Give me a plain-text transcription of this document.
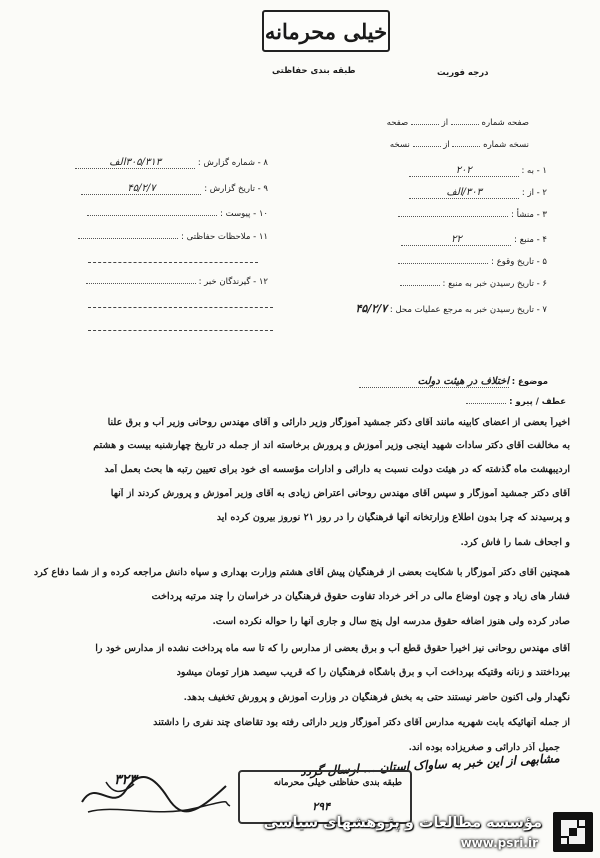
خیلی محرمانه
طبقه بندی حفاظتی	درجه فوریت
صفحه شماره  از  صفحه
نسخه شماره  از  نسخه
۱ - به : ۲۰۲
۲ - از : ۳۰۳/الف
۳ - منشأ :
۴ - منبع : ۲۲
۵ - تاریخ وقوع :
۶ - تاریخ رسیدن خبر به منبع :
۷ - تاریخ رسیدن خبر به مرجع عملیات محل : ۴۵/۲/۷
۸ - شماره گزارش : ۳۰۵/۳۱۳الف
۹ - تاریخ گزارش : ۴۵/۲/۷
۱۰ - پیوست :
۱۱ - ملاحظات حفاظتی :
۱۲ - گیرندگان خبر :
موضوع : اختلاف در هیئت دولت
عطف / پیرو :
اخیراً بعضی از اعضای کابینه مانند آقای دکتر جمشید آموزگار وزیر دارائی و آقای مهندس روحانی وزیر آب و برق علنا
به مخالفت آقای دکتر سادات شهید اینجی وزیر آموزش و پرورش برخاسته اند از جمله در تاریخ چهارشنبه بیست و هشتم
اردیبهشت ماه گذشته که در هیئت دولت نسبت به دارائی و ادارات مؤسسه ای خود برای تعیین رتبه ها بحث بعمل آمد
آقای دکتر جمشید آموزگار و سپس آقای مهندس روحانی اعتراض زیادی به آقای وزیر آموزش و پرورش کردند از آنها
و پرسیدند که چرا بدون اطلاع وزارتخانه آنها فرهنگیان را در روز ۲۱ نوروز بیرون کرده اید
و اجحاف شما را فاش کرد.
همچنین آقای دکتر آموزگار با شکایت بعضی از فرهنگیان پیش آقای هشتم وزارت بهداری و سپاه دانش مراجعه کرده و از شما دفاع کرد
فشار های زیاد و چون اوضاع مالی در آخر خرداد تفاوت حقوق فرهنگیان در خراسان را چند مرتبه پرداخت
صادر کرده ولی هنوز اضافه حقوق مدرسه اول پنج سال و جاری آنها را حواله نکرده است.
آقای مهندس روحانی نیز اخیراً حقوق قطع آب و برق بعضی از مدارس را که تا سه ماه پرداخت نشده از مدارس خود را
بپرداختند و زنانه وقتیکه بپرداخت آب و برق باشگاه فرهنگیان را که قریب سیصد هزار تومان میشود
نگهدار ولی اکنون حاضر نیستند حتی به بخش فرهنگیان در وزارت آموزش و پرورش تخفیف بدهد.
از جمله آنهائیکه بابت شهریه مدارس آقای دکتر آموزگار وزیر دارائی رفته بود تقاضای چند نفری را داشتند
جمیل آذر دارائی و صغریزاده بوده اند.
مشابهی از این خبر به ساواک استان ... ارسال گردد
طبقه بندی حفاظتی خیلی محرمانه
۲۹۴
۳۲۳
مؤسسه مطالعات و پژوهشهای سیاسی
www.psri.ir
